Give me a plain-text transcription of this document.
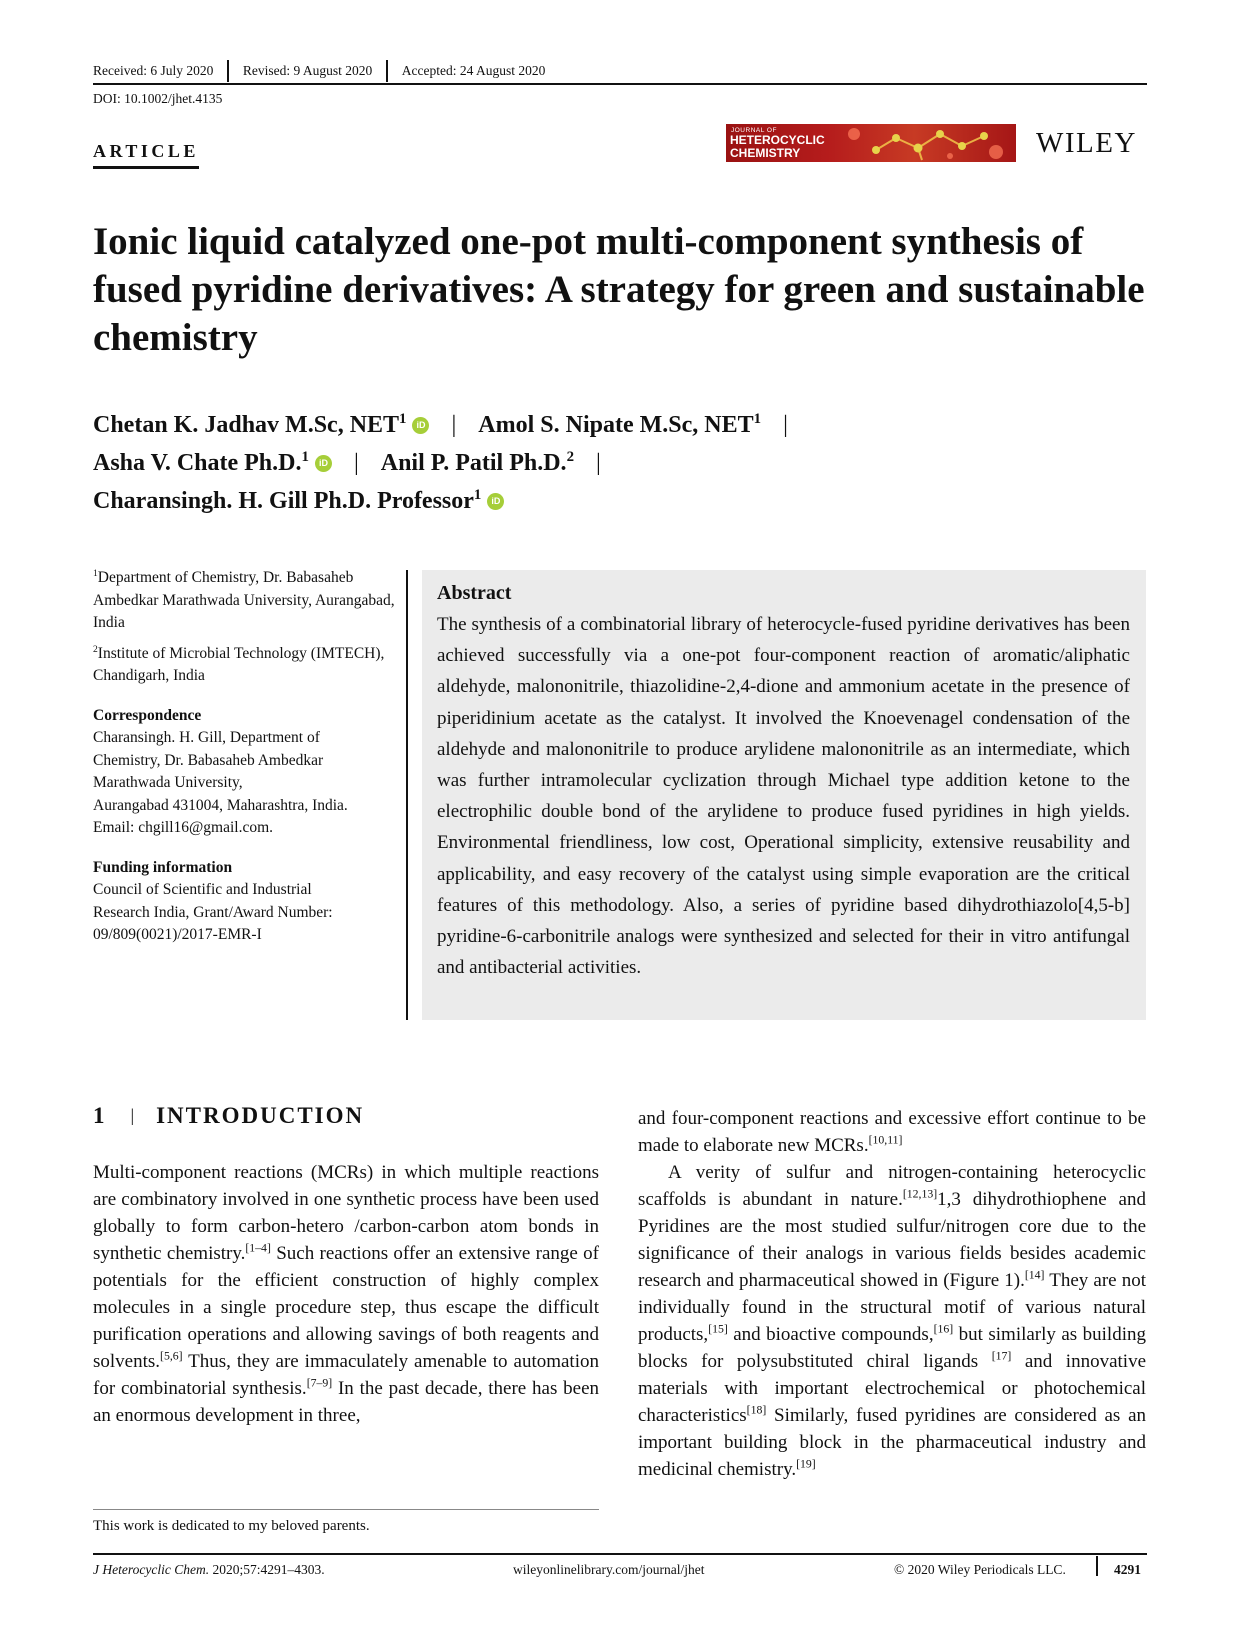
Received: 6 July 2020 Revised: 9 August 2020 Accepted: 24 August 2020
DOI: 10.1002/jhet.4135
ARTICLE
JOURNAL OF
HETEROCYCLIC
CHEMISTRY	WILEY
Ionic liquid catalyzed one-pot multi-component synthesis of fused pyridine derivatives: A strategy for green and sustainable chemistry
Chetan K. Jadhav M.Sc, NET$^1$ iD | Amol S. Nipate M.Sc, NET$^1$ |
Asha V. Chate Ph.D.$^1$ iD | Anil P. Patil Ph.D.$^2$ |
Charansingh. H. Gill Ph.D. Professor$^1$ iD

$^1$Department of Chemistry, Dr. Babasaheb Ambedkar Marathwada University, Aurangabad, India

$^2$Institute of Microbial Technology (IMTECH), Chandigarh, India

Correspondence

Charansingh. H. Gill, Department of

Chemistry, Dr. Babasaheb Ambedkar

Marathwada University,

Aurangabad 431004, Maharashtra, India.

Email: chgill16@gmail.com.

Funding information

Council of Scientific and Industrial

Research India, Grant/Award Number:

09/809(0021)/2017-EMR-I

Abstract
The synthesis of a combinatorial library of heterocycle-fused pyridine derivatives has been achieved successfully via a one-pot four-component reaction of aromatic/aliphatic aldehyde, malononitrile, thiazolidine-2,4-dione and ammonium acetate in the presence of piperidinium acetate as the catalyst. It involved the Knoevenagel condensation of the aldehyde and malononitrile to produce arylidene malononitrile as an intermediate, which was further intramolecular cyclization through Michael type addition ketone to the electrophilic double bond of the arylidene to produce fused pyridines in high yields. Environmental friendliness, low cost, Operational simplicity, extensive reusability and applicability, and easy recovery of the catalyst using simple evaporation are the critical features of this methodology. Also, a series of pyridine based dihydrothiazolo[4,5-b] pyridine-6-carbonitrile analogs were synthesized and selected for their in vitro antifungal and antibacterial activities.
1 | INTRODUCTION

Multi-component reactions (MCRs) in which multiple reactions are combinatory involved in one synthetic process have been used globally to form carbon-hetero /carbon-carbon atom bonds in synthetic chemistry.[1–4] Such reactions offer an extensive range of potentials for the efficient construction of highly complex molecules in a single procedure step, thus escape the difficult purification operations and allowing savings of both reagents and solvents.[5,6] Thus, they are immaculately amenable to automation for combinatorial synthesis.[7–9] In the past decade, there has been an enormous development in three,

and four-component reactions and excessive effort continue to be made to elaborate new MCRs.[10,11]

A verity of sulfur and nitrogen-containing heterocyclic scaffolds is abundant in nature.[12,13]1,3 dihydrothiophene and Pyridines are the most studied sulfur/nitrogen core due to the significance of their analogs in various fields besides academic research and pharmaceutical showed in (Figure 1).[14] They are not individually found in the structural motif of various natural products,[15] and bioactive compounds,[16] but similarly as building blocks for polysubstituted chiral ligands [17] and innovative materials with important electrochemical or photochemical characteristics[18] Similarly, fused pyridines are considered as an important building block in the pharmaceutical industry and medicinal chemistry.[19]

This work is dedicated to my beloved parents.
J Heterocyclic Chem. 2020;57:4291–4303.	wileyonlinelibrary.com/journal/jhet	© 2020 Wiley Periodicals LLC.	4291
